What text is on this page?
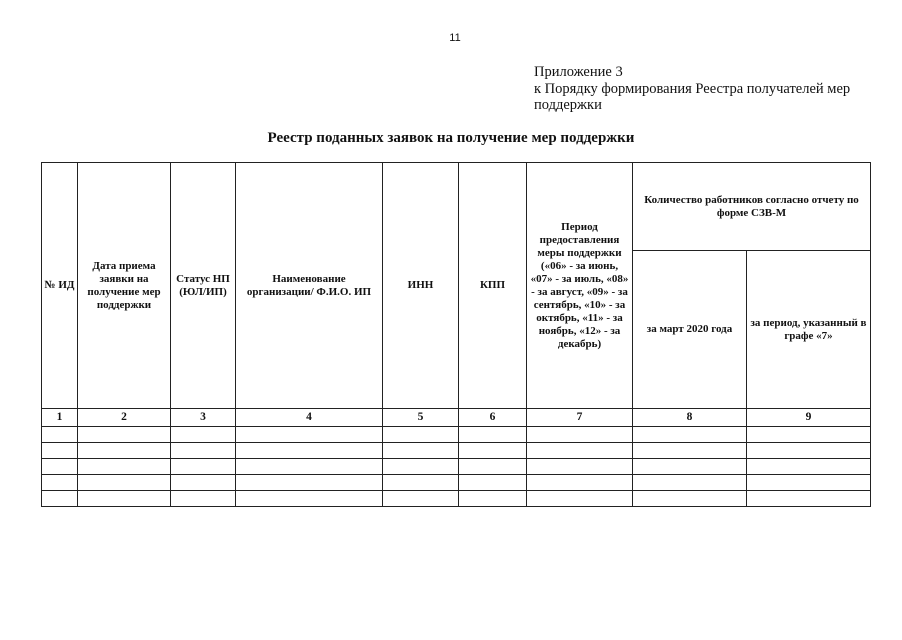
11
Приложение 3
к Порядку формирования Реестра получателей мер
поддержки
Реестр поданных заявок на получение мер поддержки
№ ИД	Дата приема заявки на получение мер поддержки	Статус НП (ЮЛ/ИП)	Наименование организации/ Ф.И.О. ИП	ИНН	КПП	Период предоставления меры поддержки («06» - за июнь, «07» - за июль, «08» - за август, «09» - за сентябрь, «10» - за октябрь, «11» - за ноябрь, «12» - за декабрь)	Количество работников согласно отчету по форме СЗВ-М	
							за март 2020 года	за период, указанный в графе «7»
1	2	3	4	5	6	7	8	9
